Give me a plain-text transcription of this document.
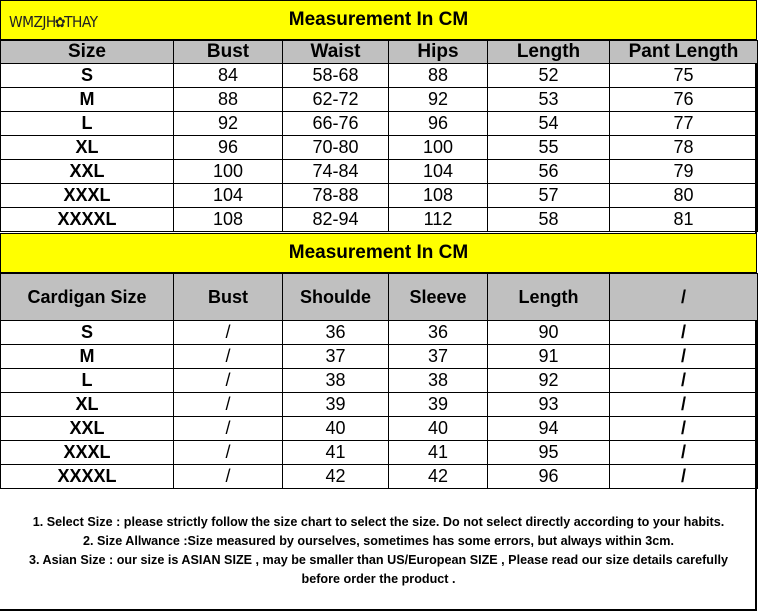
WMZJH✿THAY	Measurement In CM
Size	Bust	Waist	Hips	Length	Pant Length
S	84	58-68	88	52	75
M	88	62-72	92	53	76
L	92	66-76	96	54	77
XL	96	70-80	100	55	78
XXL	100	74-84	104	56	79
XXXL	104	78-88	108	57	80
XXXXL	108	82-94	112	58	81
Measurement In CM
Cardigan Size	Bust	Shoulde	Sleeve	Length	/
S	/	36	36	90	/
M	/	37	37	91	/
L	/	38	38	92	/
XL	/	39	39	93	/
XXL	/	40	40	94	/
XXXL	/	41	41	95	/
XXXXL	/	42	42	96	/
1. Select Size : please strictly follow the size chart to select the size. Do not select directly according to your habits.
2. Size Allwance :Size measured by ourselves, sometimes has some errors, but always within 3cm.
3. Asian Size : our size is ASIAN SIZE , may be smaller than US/European SIZE , Please read our size details carefully
before order the product .
